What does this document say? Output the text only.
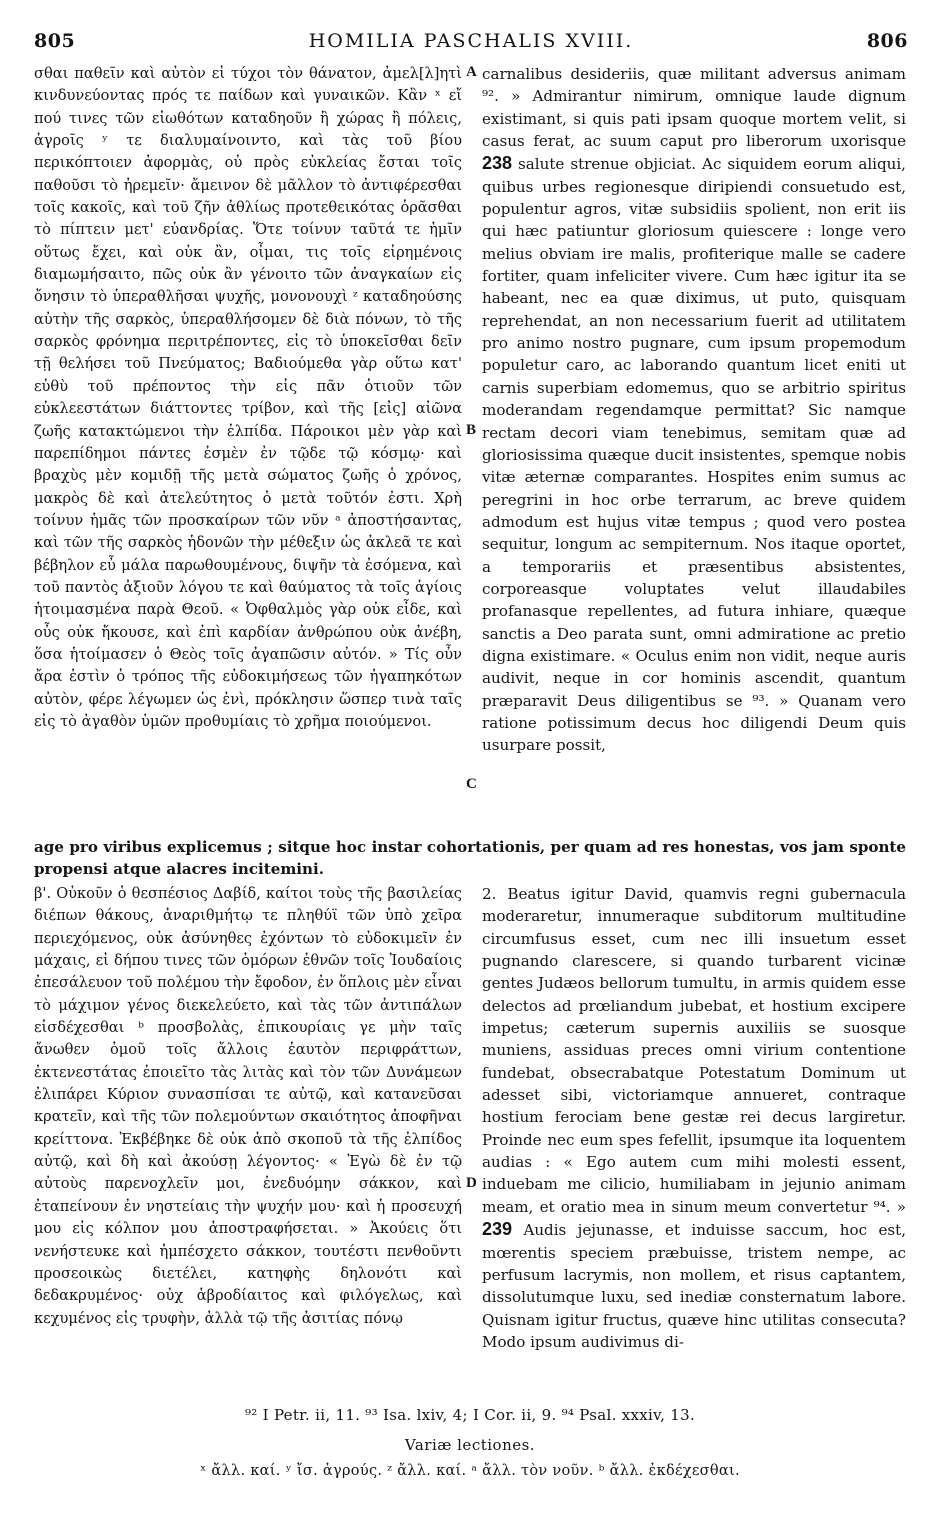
805	HOMILIA PASCHALIS XVIII.	806

σθαι παθεῖν καὶ αὐτὸν εἰ τύχοι τὸν θάνατον, ἀμελ[λ]ητὶ κινδυνεύοντας πρός τε παίδων καὶ γυναικῶν. Κἂν ˣ εἴ πού τινες τῶν εἰωθότων καταδηοῦν ἢ χώρας ἢ πόλεις, ἀγροῖς ʸ τε διαλυμαίνοιντο, καὶ τὰς τοῦ βίου περικόπτοιεν ἀφορμὰς, οὐ πρὸς εὐκλείας ἔσται τοῖς παθοῦσι τὸ ἠρεμεῖν· ἄμεινον δὲ μᾶλλον τὸ ἀντιφέρεσθαι τοῖς κακοῖς, καὶ τοῦ ζῆν ἀθλίως προτεθεικότας ὁρᾶσθαι τὸ πίπτειν μετ' εὐανδρίας. Ὅτε τοίνυν ταῦτά τε ἡμῖν οὕτως ἔχει, καὶ οὐκ ἂν, οἶμαι, τις τοῖς εἰρημένοις διαμωμήσαιτο, πῶς οὐκ ἂν γένοιτο τῶν ἀναγκαίων εἰς ὄνησιν τὸ ὑπεραθλῆσαι ψυχῆς, μονονουχὶ ᶻ καταδηούσης αὐτὴν τῆς σαρκὸς, ὑπεραθλήσομεν δὲ διὰ πόνων, τὸ τῆς σαρκὸς φρόνημα περιτρέποντες, εἰς τὸ ὑποκεῖσθαι δεῖν τῇ θελήσει τοῦ Πνεύματος; Βαδιούμεθα γὰρ οὕτω κατ' εὐθὺ τοῦ πρέποντος τὴν εἰς πᾶν ὁτιοῦν τῶν εὐκλεεστάτων διάττοντες τρίβον, καὶ τῆς [εἰς] αἰῶνα ζωῆς κατακτώμενοι τὴν ἐλπίδα. Πάροικοι μὲν γὰρ καὶ παρεπίδημοι πάντες ἐσμὲν ἐν τῷδε τῷ κόσμῳ· καὶ βραχὺς μὲν κομιδῇ τῆς μετὰ σώματος ζωῆς ὁ χρόνος, μακρὸς δὲ καὶ ἀτελεύτητος ὁ μετὰ τοῦτόν ἐστι. Χρὴ τοίνυν ἡμᾶς τῶν προσκαίρων τῶν νῦν ᵃ ἀποστήσαντας, καὶ τῶν τῆς σαρκὸς ἡδονῶν τὴν μέθεξιν ὡς ἀκλεᾶ τε καὶ βέβηλον εὖ μάλα παρωθουμένους, διψῆν τὰ ἐσόμενα, καὶ τοῦ παντὸς ἀξιοῦν λόγου τε καὶ θαύματος τὰ τοῖς ἁγίοις ἡτοιμασμένα παρὰ Θεοῦ. « Ὀφθαλμὸς γὰρ οὐκ εἶδε, καὶ οὖς οὐκ ἤκουσε, καὶ ἐπὶ καρδίαν ἀνθρώπου οὐκ ἀνέβη, ὅσα ἡτοίμασεν ὁ Θεὸς τοῖς ἀγαπῶσιν αὐτόν. » Τίς οὖν ἄρα ἐστὶν ὁ τρόπος τῆς εὐδοκιμήσεως τῶν ἠγαπηκότων αὐτὸν, φέρε λέγωμεν ὡς ἐνὶ, πρόκλησιν ὥσπερ τινὰ ταῖς εἰς τὸ ἀγαθὸν ὑμῶν προθυμίαις τὸ χρῆμα ποιούμενοι.

carnalibus desideriis, quæ militant adversus animam ⁹². » Admirantur nimirum, omnique laude dignum existimant, si quis pati ipsam quoque mortem velit, si casus ferat, ac suum caput pro liberorum uxorisque 238 salute strenue objiciat. Ac siquidem eorum aliqui, quibus urbes regionesque diripiendi consuetudo est, populentur agros, vitæ subsidiis spolient, non erit iis qui hæc patiuntur gloriosum quiescere : longe vero melius obviam ire malis, profiterique malle se cadere fortiter, quam infeliciter vivere. Cum hæc igitur ita se habeant, nec ea quæ diximus, ut puto, quisquam reprehendat, an non necessarium fuerit ad utilitatem pro animo nostro pugnare, cum ipsum propemodum populetur caro, ac laborando quantum licet eniti ut carnis superbiam edomemus, quo se arbitrio spiritus moderandam regendamque permittat? Sic namque rectam decori viam tenebimus, semitam quæ ad gloriosissima quæque ducit insistentes, spemque nobis vitæ æternæ comparantes. Hospites enim sumus ac peregrini in hoc orbe terrarum, ac breve quidem admodum est hujus vitæ tempus ; quod vero postea sequitur, longum ac sempiternum. Nos itaque oportet, a temporariis et præsentibus absistentes, corporeasque voluptates velut illaudabiles profanasque repellentes, ad futura inhiare, quæque sanctis a Deo parata sunt, omni admiratione ac pretio digna existimare. « Oculus enim non vidit, neque auris audivit, neque in cor hominis ascendit, quantum præparavit Deus diligentibus se ⁹³. » Quanam vero ratione potissimum decus hoc diligendi Deum quis usurpare possit,

age pro viribus explicemus ; sitque hoc instar cohortationis, per quam ad res honestas, vos jam sponte propensi atque alacres incitemini.

β'. Οὐκοῦν ὁ θεσπέσιος Δαβίδ, καίτοι τοὺς τῆς βασιλείας διέπων θάκους, ἀναριθμήτῳ τε πληθύϊ τῶν ὑπὸ χεῖρα περιεχόμενος, οὐκ ἀσύνηθες ἐχόντων τὸ εὐδοκιμεῖν ἐν μάχαις, εἰ δήπου τινες τῶν ὁμόρων ἐθνῶν τοῖς Ἰουδαίοις ἐπεσάλευον τοῦ πολέμου τὴν ἔφοδον, ἐν ὅπλοις μὲν εἶναι τὸ μάχιμον γένος διεκελεύετο, καὶ τὰς τῶν ἀντιπάλων εἰσδέχεσθαι ᵇ προσβολὰς, ἐπικουρίαις γε μὴν ταῖς ἄνωθεν ὁμοῦ τοῖς ἄλλοις ἑαυτὸν περιφράττων, ἐκτενεστάτας ἐποιεῖτο τὰς λιτὰς καὶ τὸν τῶν Δυνάμεων ἐλιπάρει Κύριον συνασπίσαι τε αὐτῷ, καὶ κατανεῦσαι κρατεῖν, καὶ τῆς τῶν πολεμούντων σκαιότητος ἀποφῆναι κρείττονα. Ἐκβέβηκε δὲ οὐκ ἀπὸ σκοποῦ τὰ τῆς ἐλπίδος αὐτῷ, καὶ δὴ καὶ ἀκούσῃ λέγοντος· « Ἐγὼ δὲ ἐν τῷ αὐτοὺς παρενοχλεῖν μοι, ἐνεδυόμην σάκκον, καὶ ἐταπείνουν ἐν νηστείαις τὴν ψυχήν μου· καὶ ἡ προσευχή μου εἰς κόλπον μου ἀποστραφήσεται. » Ἀκούεις ὅτι νενήστευκε καὶ ἠμπέσχετο σάκκον, τουτέστι πενθοῦντι προσεοικὼς διετέλει, κατηφὴς δηλονότι καὶ δεδακρυμένος· οὐχ ἁβροδίαιτος καὶ φιλόγελως, καὶ κεχυμένος εἰς τρυφὴν, ἀλλὰ τῷ τῆς ἀσιτίας πόνῳ

2. Beatus igitur David, quamvis regni gubernacula moderaretur, innumeraque subditorum multitudine circumfusus esset, cum nec illi insuetum esset pugnando clarescere, si quando turbarent vicinæ gentes Judæos bellorum tumultu, in armis quidem esse delectos ad prœliandum jubebat, et hostium excipere impetus; cæterum supernis auxiliis se suosque muniens, assiduas preces omni virium contentione fundebat, obsecrabatque Potestatum Dominum ut adesset sibi, victoriamque annueret, contraque hostium ferociam bene gestæ rei decus largiretur. Proinde nec eum spes fefellit, ipsumque ita loquentem audias : « Ego autem cum mihi molesti essent, induebam me cilicio, humiliabam in jejunio animam meam, et oratio mea in sinum meum convertetur ⁹⁴. » 239 Audis jejunasse, et induisse saccum, hoc est, mœrentis speciem præbuisse, tristem nempe, ac perfusum lacrymis, non mollem, et risus captantem, dissolutumque luxu, sed inediæ consternatum labore. Quisnam igitur fructus, quæve hinc utilitas consecuta? Modo ipsum audivimus di-

A
B
C
D
⁹² I Petr. ii, 11. ⁹³ Isa. lxiv, 4; I Cor. ii, 9. ⁹⁴ Psal. xxxiv, 13.
Variæ lectiones.
ˣ ἄλλ. καί. ʸ ἴσ. ἀγρούς. ᶻ ἄλλ. καί. ᵃ ἄλλ. τὸν νοῦν. ᵇ ἄλλ. ἐκδέχεσθαι.
